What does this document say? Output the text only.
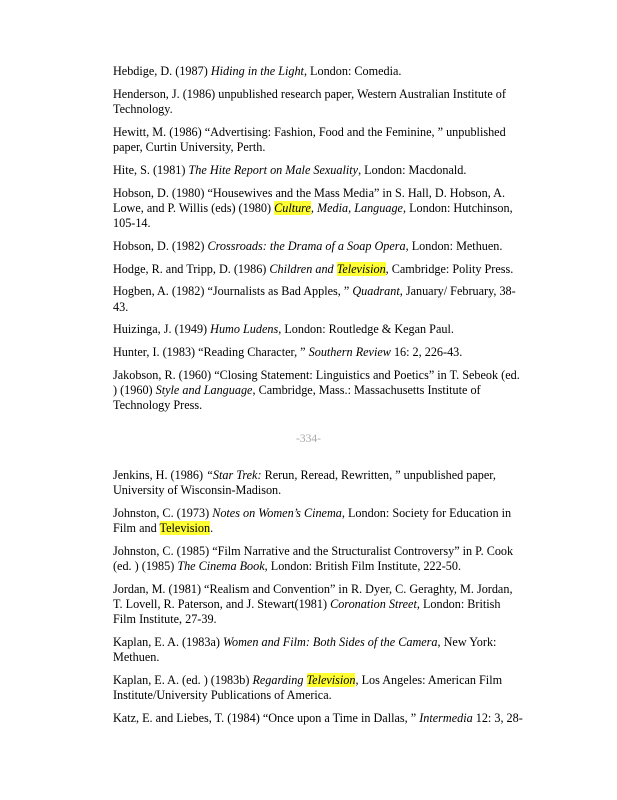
Hebdige, D. (1987) Hiding in the Light, London: Comedia.

Henderson, J. (1986) unpublished research paper, Western Australian Institute of Technology.

Hewitt, M. (1986) “Advertising: Fashion, Food and the Feminine, ” unpublished paper, Curtin University, Perth.

Hite, S. (1981) The Hite Report on Male Sexuality, London: Macdonald.

Hobson, D. (1980) “Housewives and the Mass Media” in S. Hall, D. Hobson, A. Lowe, and P. Willis (eds) (1980) Culture, Media, Language, London: Hutchinson, 105-14.

Hobson, D. (1982) Crossroads: the Drama of a Soap Opera, London: Methuen.

Hodge, R. and Tripp, D. (1986) Children and Television, Cambridge: Polity Press.

Hogben, A. (1982) “Journalists as Bad Apples, ” Quadrant, January/ February, 38-43.

Huizinga, J. (1949) Humo Ludens, London: Routledge & Kegan Paul.

Hunter, I. (1983) “Reading Character, ” Southern Review 16: 2, 226-43.

Jakobson, R. (1960) “Closing Statement: Linguistics and Poetics” in T. Sebeok (ed. ) (1960) Style and Language, Cambridge, Mass.: Massachusetts Institute of Technology Press.

-334-

Jenkins, H. (1986) “Star Trek: Rerun, Reread, Rewritten, ” unpublished paper, University of Wisconsin-Madison.

Johnston, C. (1973) Notes on Women’s Cinema, London: Society for Education in Film and Television.

Johnston, C. (1985) “Film Narrative and the Structuralist Controversy” in P. Cook (ed. ) (1985) The Cinema Book, London: British Film Institute, 222-50.

Jordan, M. (1981) “Realism and Convention” in R. Dyer, C. Geraghty, M. Jordan, T. Lovell, R. Paterson, and J. Stewart(1981) Coronation Street, London: British Film Institute, 27-39.

Kaplan, E. A. (1983a) Women and Film: Both Sides of the Camera, New York: Methuen.

Kaplan, E. A. (ed. ) (1983b) Regarding Television, Los Angeles: American Film Institute/University Publications of America.

Katz, E. and Liebes, T. (1984) “Once upon a Time in Dallas, ” Intermedia 12: 3, 28-
